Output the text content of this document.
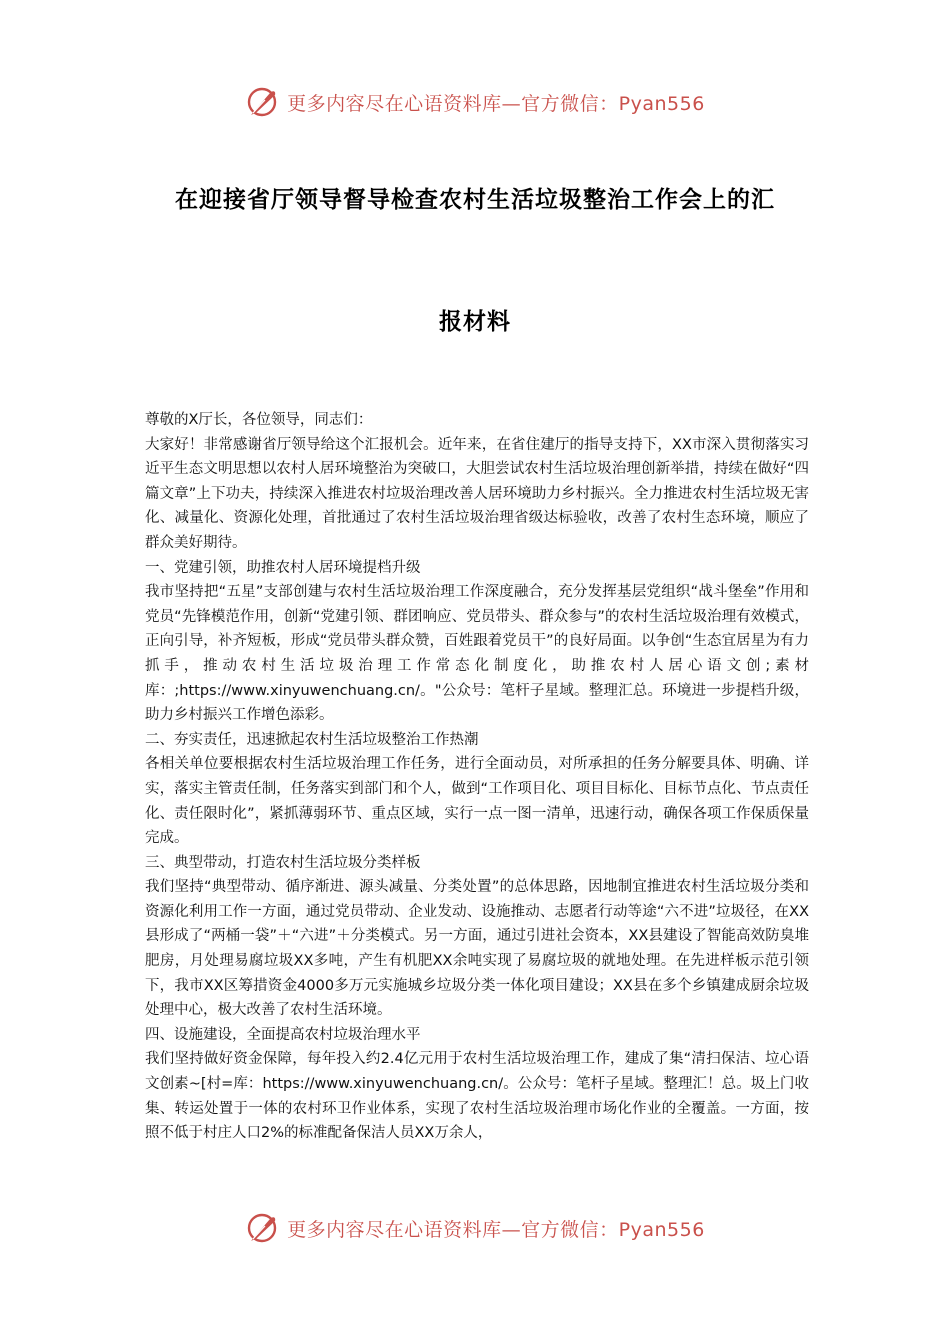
更多内容尽在心语资料库—官方微信：Pyan556
在迎接省厅领导督导检查农村生活垃圾整治工作会上的汇
报材料

尊敬的X厅长，各位领导，同志们：

大家好！非常感谢省厅领导给这个汇报机会。近年来，在省住建厅的指导支持下，XX市深入贯彻落实习近平生态文明思想以农村人居环境整治为突破口，大胆尝试农村生活垃圾治理创新举措，持续在做好“四篇文章”上下功夫，持续深入推进农村垃圾治理改善人居环境助力乡村振兴。全力推进农村生活垃圾无害化、减量化、资源化处理，首批通过了农村生活垃圾治理省级达标验收，改善了农村生态环境，顺应了群众美好期待。

一、党建引领，助推农村人居环境提档升级

我市坚持把“五星”支部创建与农村生活垃圾治理工作深度融合，充分发挥基层党组织“战斗堡垒”作用和党员“先锋模范作用，创新“党建引领、群团响应、党员带头、群众参与”的农村生活垃圾治理有效模式，正向引导，补齐短板，形成“党员带头群众赞，百姓跟着党员干”的良好局面。以争创“生态宜居星为有力抓手，推动农村生活垃圾治理工作常态化制度化，助推农村人居心语文创;素材库：;https://www.xinyuwenchuang.cn/。"公众号：笔杆子星域。整理汇总。环境进一步提档升级，助力乡村振兴工作增色添彩。

二、夯实责任，迅速掀起农村生活垃圾整治工作热潮

各相关单位要根据农村生活垃圾治理工作任务，进行全面动员，对所承担的任务分解要具体、明确、详实，落实主管责任制，任务落实到部门和个人，做到“工作项目化、项目目标化、目标节点化、节点责任化、责任限时化”，紧抓薄弱环节、重点区域，实行一点一图一清单，迅速行动，确保各项工作保质保量完成。

三、典型带动，打造农村生活垃圾分类样板

我们坚持“典型带动、循序渐进、源头减量、分类处置”的总体思路，因地制宜推进农村生活垃圾分类和资源化利用工作一方面，通过党员带动、企业发动、设施推动、志愿者行动等途“六不进”垃圾径，在XX县形成了“两桶一袋”＋“六进”＋分类模式。另一方面，通过引进社会资本，XX县建设了智能高效防臭堆肥房，月处理易腐垃圾XX多吨，产生有机肥XX余吨实现了易腐垃圾的就地处理。在先进样板示范引领下，我市XX区筹措资金4000多万元实施城乡垃圾分类一体化项目建设；XX县在多个乡镇建成厨余垃圾处理中心，极大改善了农村生活环境。

四、设施建设，全面提高农村垃圾治理水平

我们坚持做好资金保障，每年投入约2.4亿元用于农村生活垃圾治理工作，建成了集“清扫保洁、垃心语文创素~[村=库：https://www.xinyuwenchuang.cn/。公众号：笔杆子星域。整理汇！总。圾上门收集、转运处置于一体的农村环卫作业体系，实现了农村生活垃圾治理市场化作业的全覆盖。一方面，按照不低于村庄人口2%的标准配备保洁人员XX万余人，

更多内容尽在心语资料库—官方微信：Pyan556
